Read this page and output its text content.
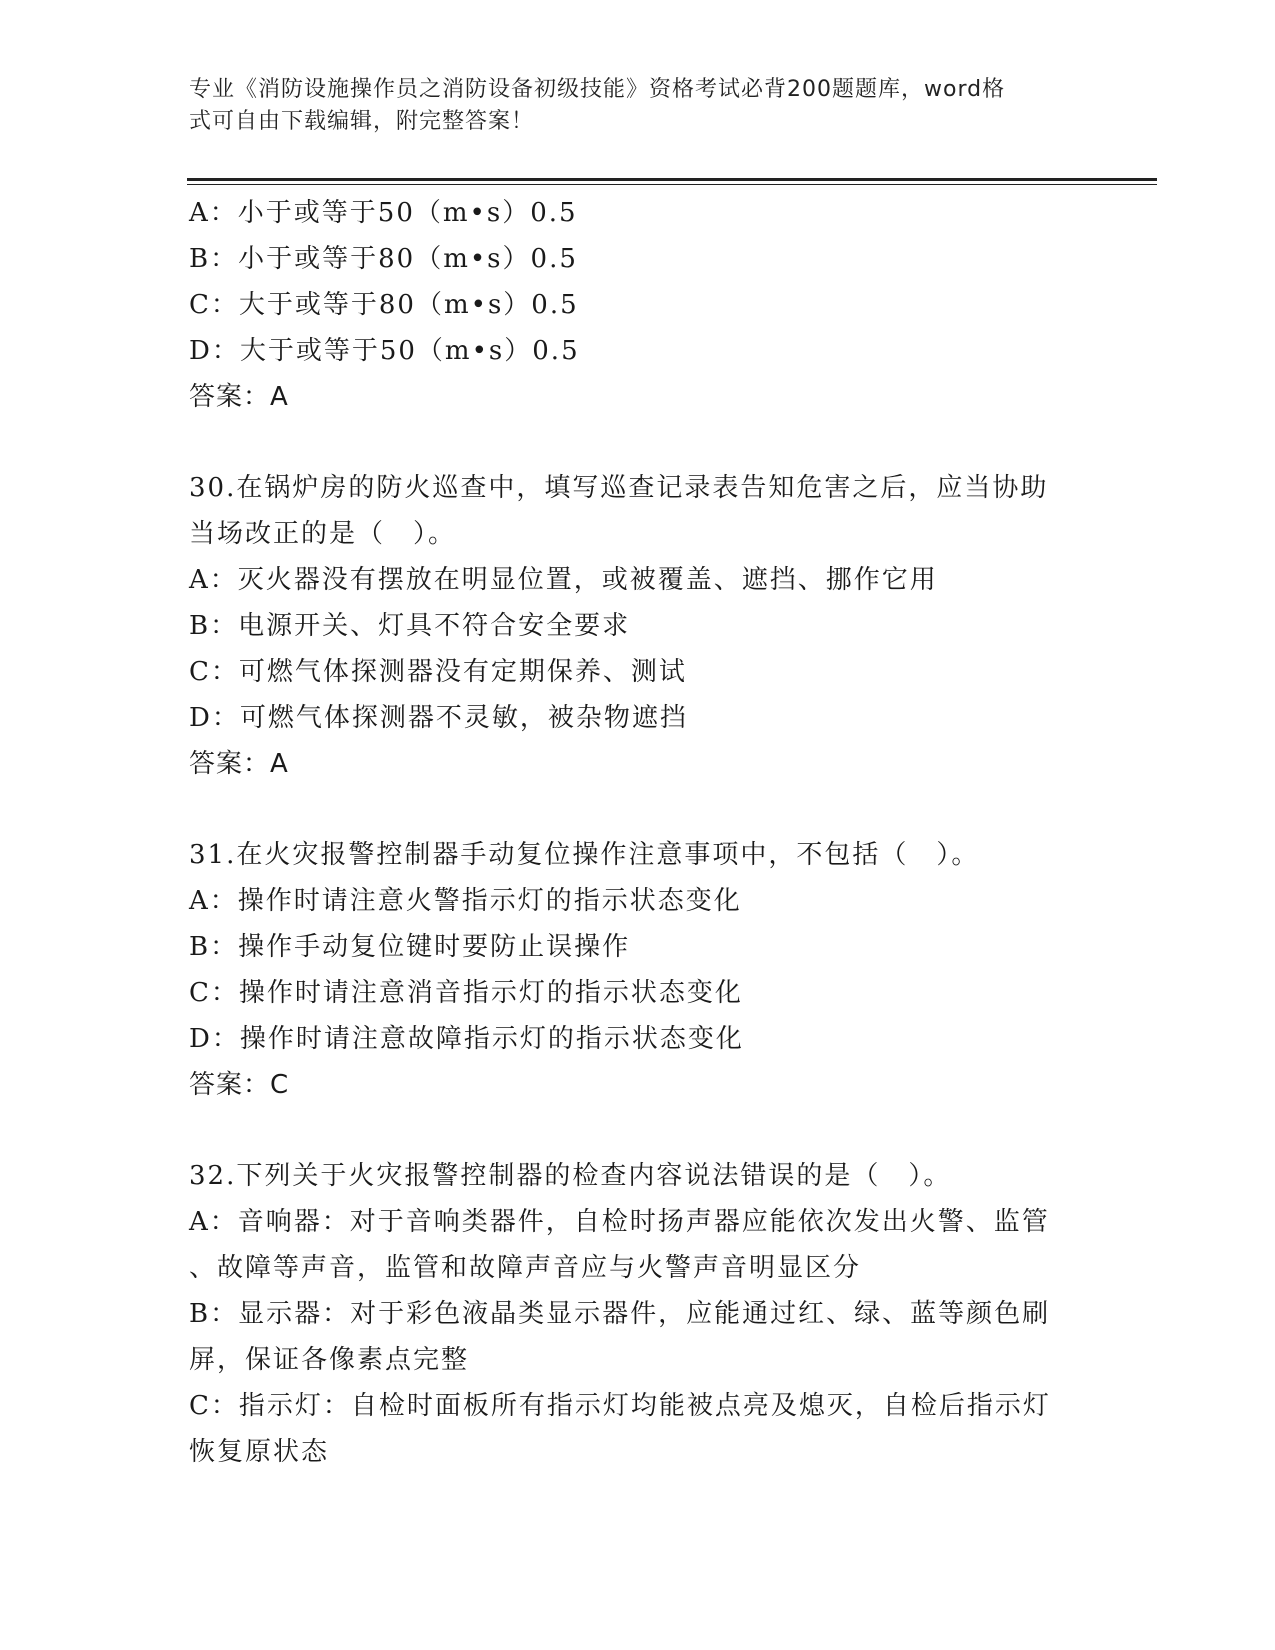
专业《消防设施操作员之消防设备初级技能》资格考试必背200题题库，word格
式可自由下载编辑，附完整答案！
A：小于或等于50（m•s）0.5
B：小于或等于80（m•s）0.5
C：大于或等于80（m•s）0.5
D：大于或等于50（m•s）0.5
答案：A
30.在锅炉房的防火巡查中，填写巡查记录表告知危害之后，应当协助
当场改正的是（　）。
A：灭火器没有摆放在明显位置，或被覆盖、遮挡、挪作它用
B：电源开关、灯具不符合安全要求
C：可燃气体探测器没有定期保养、测试
D：可燃气体探测器不灵敏，被杂物遮挡
答案：A
31.在火灾报警控制器手动复位操作注意事项中，不包括（　）。
A：操作时请注意火警指示灯的指示状态变化
B：操作手动复位键时要防止误操作
C：操作时请注意消音指示灯的指示状态变化
D：操作时请注意故障指示灯的指示状态变化
答案：C
32.下列关于火灾报警控制器的检查内容说法错误的是（　）。
A：音响器：对于音响类器件，自检时扬声器应能依次发出火警、监管
、故障等声音，监管和故障声音应与火警声音明显区分
B：显示器：对于彩色液晶类显示器件，应能通过红、绿、蓝等颜色刷
屏，保证各像素点完整
C：指示灯：自检时面板所有指示灯均能被点亮及熄灭，自检后指示灯
恢复原状态
